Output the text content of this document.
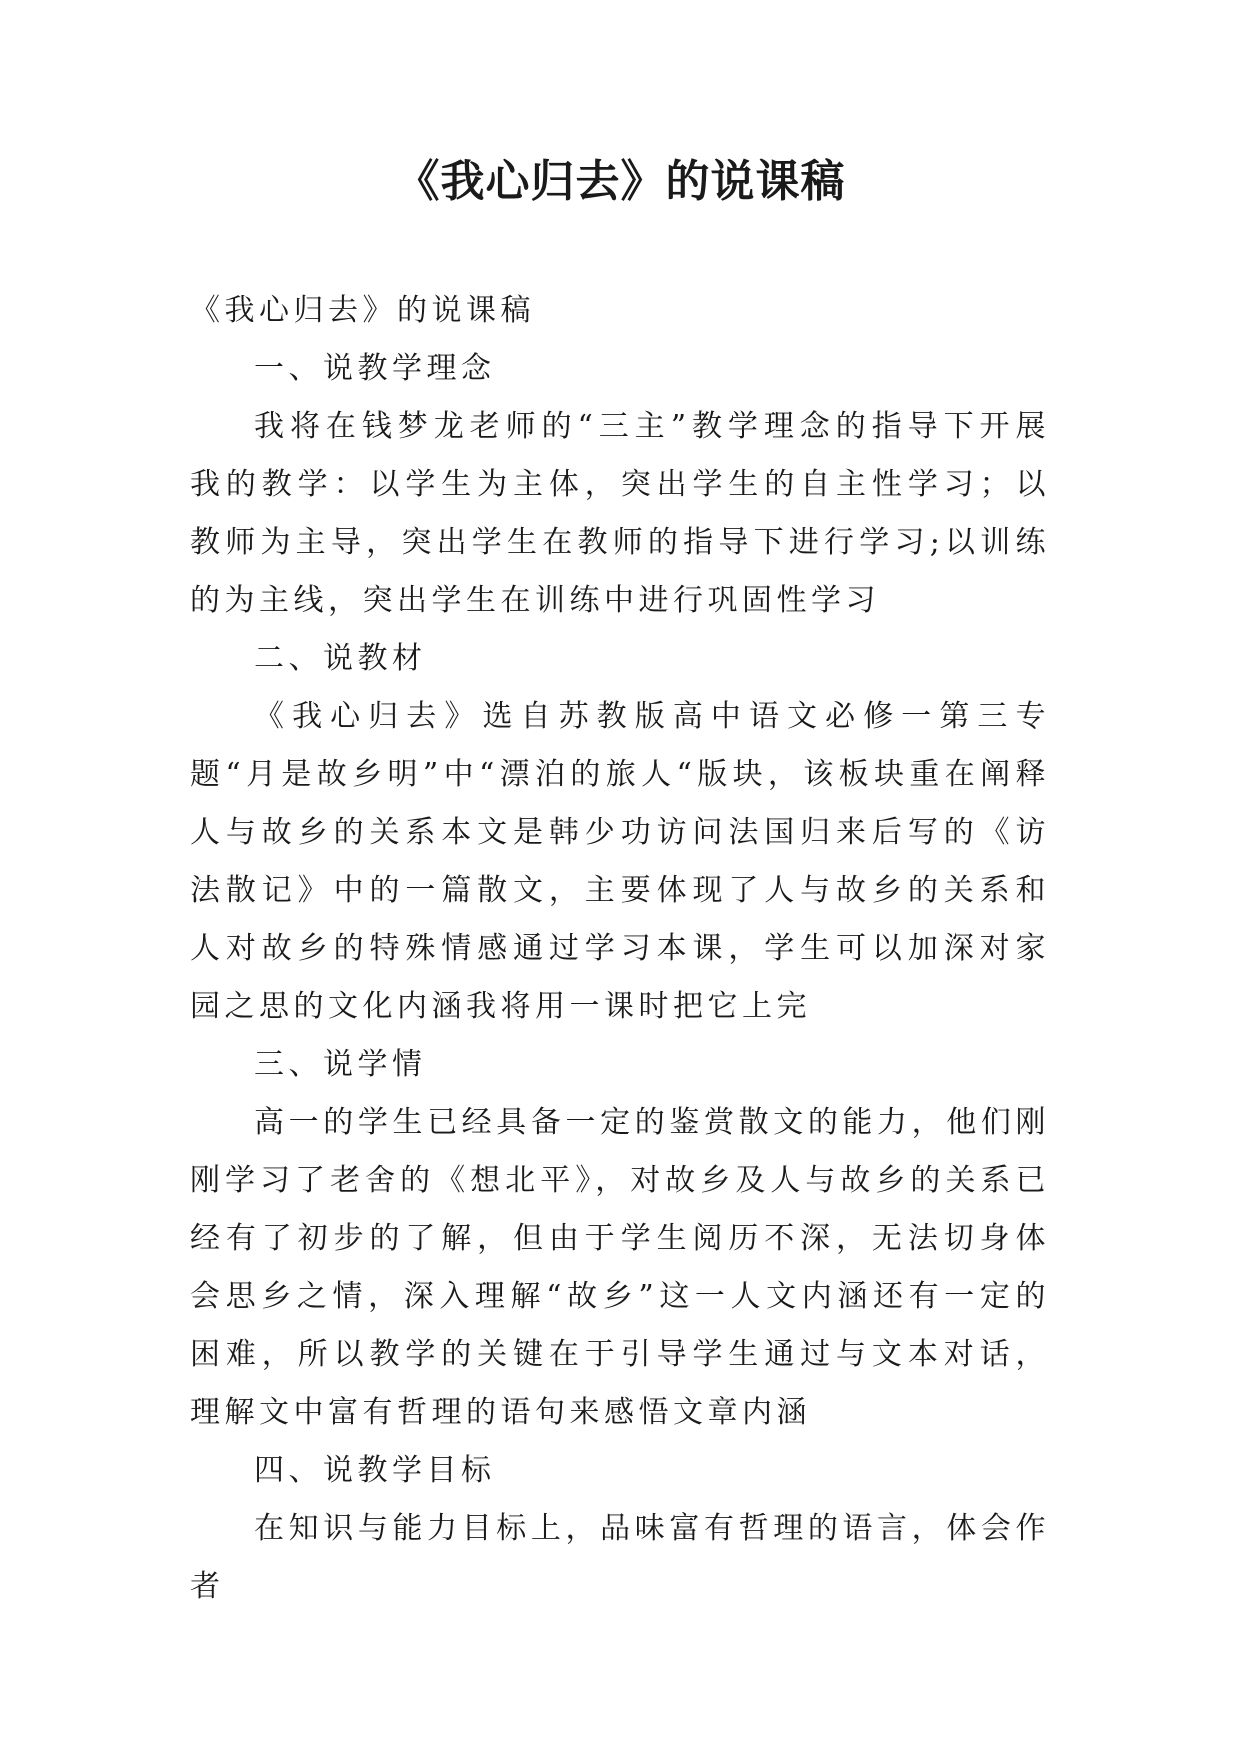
《我心归去》的说课稿

《我心归去》的说课稿

一、说教学理念

我将在钱梦龙老师的“三主”教学理念的指导下开展我的教学：以学生为主体，突出学生的自主性学习；以教师为主导，突出学生在教师的指导下进行学习;以训练的为主线，突出学生在训练中进行巩固性学习

二、说教材

《我心归去》选自苏教版高中语文必修一第三专题“月是故乡明”中“漂泊的旅人“版块，该板块重在阐释人与故乡的关系本文是韩少功访问法国归来后写的《访法散记》中的一篇散文，主要体现了人与故乡的关系和人对故乡的特殊情感通过学习本课，学生可以加深对家园之思的文化内涵我将用一课时把它上完

三、说学情

高一的学生已经具备一定的鉴赏散文的能力，他们刚刚学习了老舍的《想北平》，对故乡及人与故乡的关系已经有了初步的了解，但由于学生阅历不深，无法切身体会思乡之情，深入理解“故乡”这一人文内涵还有一定的困难，所以教学的关键在于引导学生通过与文本对话，理解文中富有哲理的语句来感悟文章内涵

四、说教学目标

在知识与能力目标上，品味富有哲理的语言，体会作者
